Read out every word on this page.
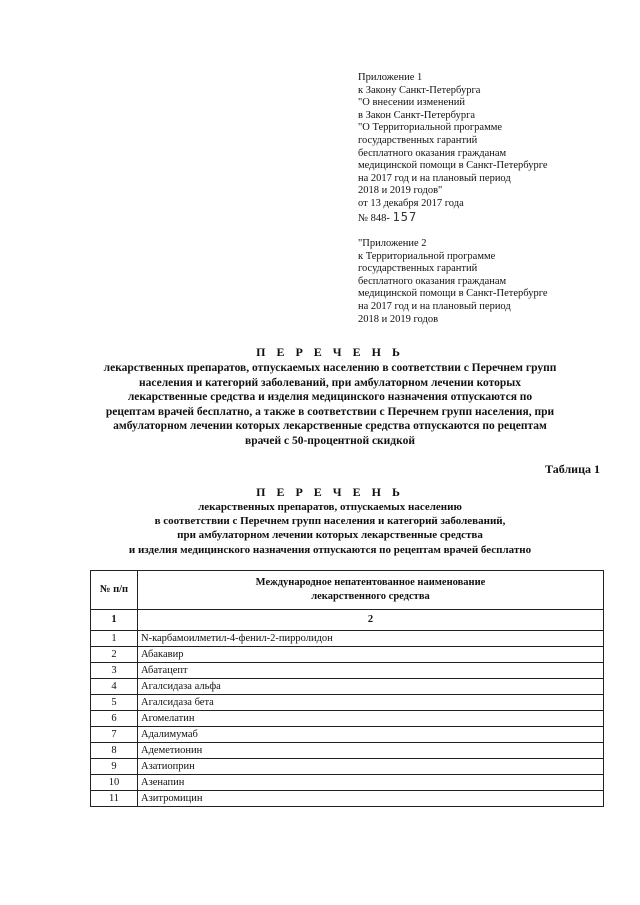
Приложение 1
к Закону Санкт-Петербурга
"О внесении изменений
в Закон Санкт-Петербурга
"О Территориальной программе
государственных гарантий
бесплатного оказания гражданам
медицинской помощи в Санкт-Петербурге
на 2017 год и на плановый период
2018 и 2019 годов"
от 13 декабря 2017 года
№ 848- 157
"Приложение 2
к Территориальной программе
государственных гарантий
бесплатного оказания гражданам
медицинской помощи в Санкт-Петербурге
на 2017 год и на плановый период
2018 и 2019 годов
П Е Р Е Ч Е Н Ь
лекарственных препаратов, отпускаемых населению в соответствии с Перечнем групп
населения и категорий заболеваний, при амбулаторном лечении которых
лекарственные средства и изделия медицинского назначения отпускаются по
рецептам врачей бесплатно, а также в соответствии с Перечнем групп населения, при
амбулаторном лечении которых лекарственные средства отпускаются по рецептам
врачей с 50-процентной скидкой
Таблица 1
П Е Р Е Ч Е Н Ь
лекарственных препаратов, отпускаемых населению
в соответствии с Перечнем групп населения и категорий заболеваний,
при амбулаторном лечении которых лекарственные средства
и изделия медицинского назначения отпускаются по рецептам врачей бесплатно
№ п/п	Международное непатентованное наименование
лекарственного средства

1	2
1	N-карбамоилметил-4-фенил-2-пирролидон
2	Абакавир
3	Абатацепт
4	Агалсидаза альфа
5	Агалсидаза бета
6	Агомелатин
7	Адалимумаб
8	Адеметионин
9	Азатиоприн
10	Азенапин
11	Азитромицин
